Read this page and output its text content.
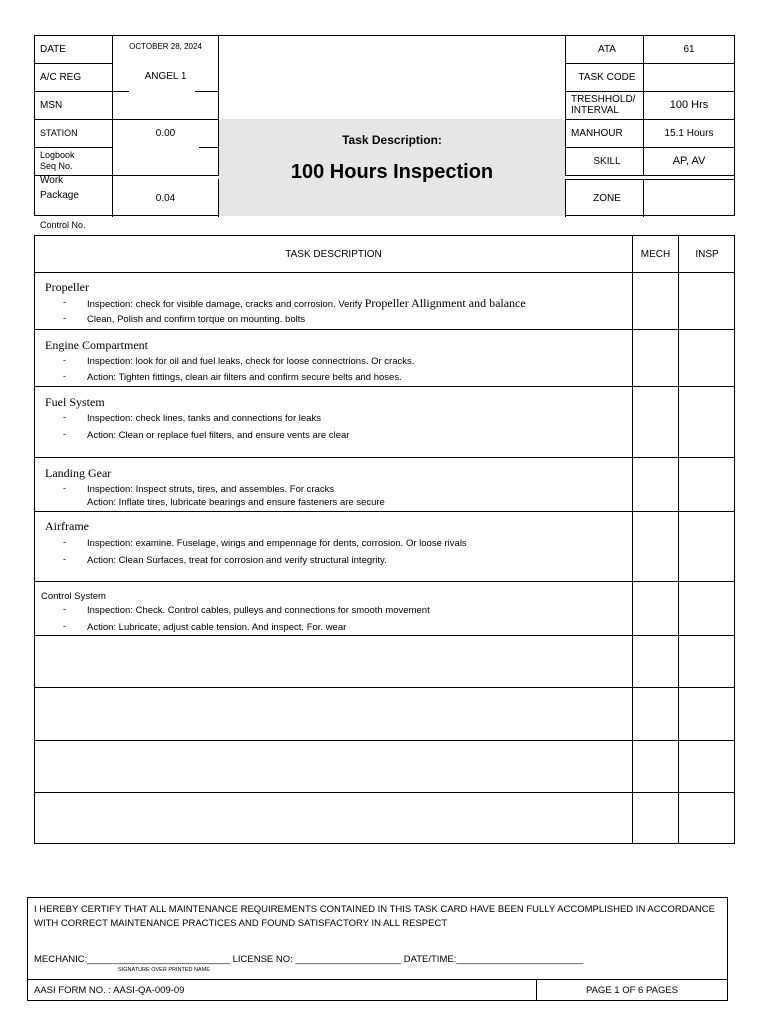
DATE	OCTOBER 28, 2024
A/C REG	ANGEL 1
MSN
STATION	0.00
Logbook
Seq No.
Work
Package	0.04
Task Description:
100 Hours Inspection
ATA	61
TASK CODE
TRESHHOLD/
INTERVAL	100 Hrs
MANHOUR	15.1 Hours
SKILL	AP, AV
ZONE
Control No.
TASK DESCRIPTION	MECH	INSP
Propeller
- Inspection: check for visible damage, cracks and corrosion. Verify Propeller Allignment and balance
- Clean, Polish and confirm torque on mounting. bolts
Engine Compartment
- Inspection: look for oil and fuel leaks, check for loose connectrions. Or cracks.
- Action: Tighten fittings, clean air filters and confirm secure belts and hoses.
Fuel System
- Inspection: check lines, tanks and connections for leaks
- Action: Clean or replace fuel filters, and ensure vents are clear
Landing Gear
- Inspection: Inspect struts, tires, and assembles. For cracks
Action: Inflate tires, lubricate bearings and ensure fasteners are secure
Airframe
- Inspection: examine. Fuselage, wings and empennage for dents, corrosion. Or loose rivals
- Action: Clean Surfaces, treat for corrosion and verify structural integrity.
Control System
- Inspection: Check. Control cables, pulleys and connections for smooth movement
- Action: Lubricate, adjust cable tension. And inspect. For. wear
I HEREBY CERTIFY THAT ALL MAINTENANCE REQUIREMENTS CONTAINED IN THIS TASK CARD HAVE BEEN FULLY ACCOMPLISHED IN ACCORDANCE WITH CORRECT MAINTENANCE PRACTICES AND FOUND SATISFACTORY IN ALL RESPECT
MECHANIC:___________________________ LICENSE NO: ____________________ DATE/TIME:________________________
SIGNATURE OVER PRINTED NAME
AASI FORM NO. : AASI-QA-009-09	PAGE 1 OF 6 PAGES
